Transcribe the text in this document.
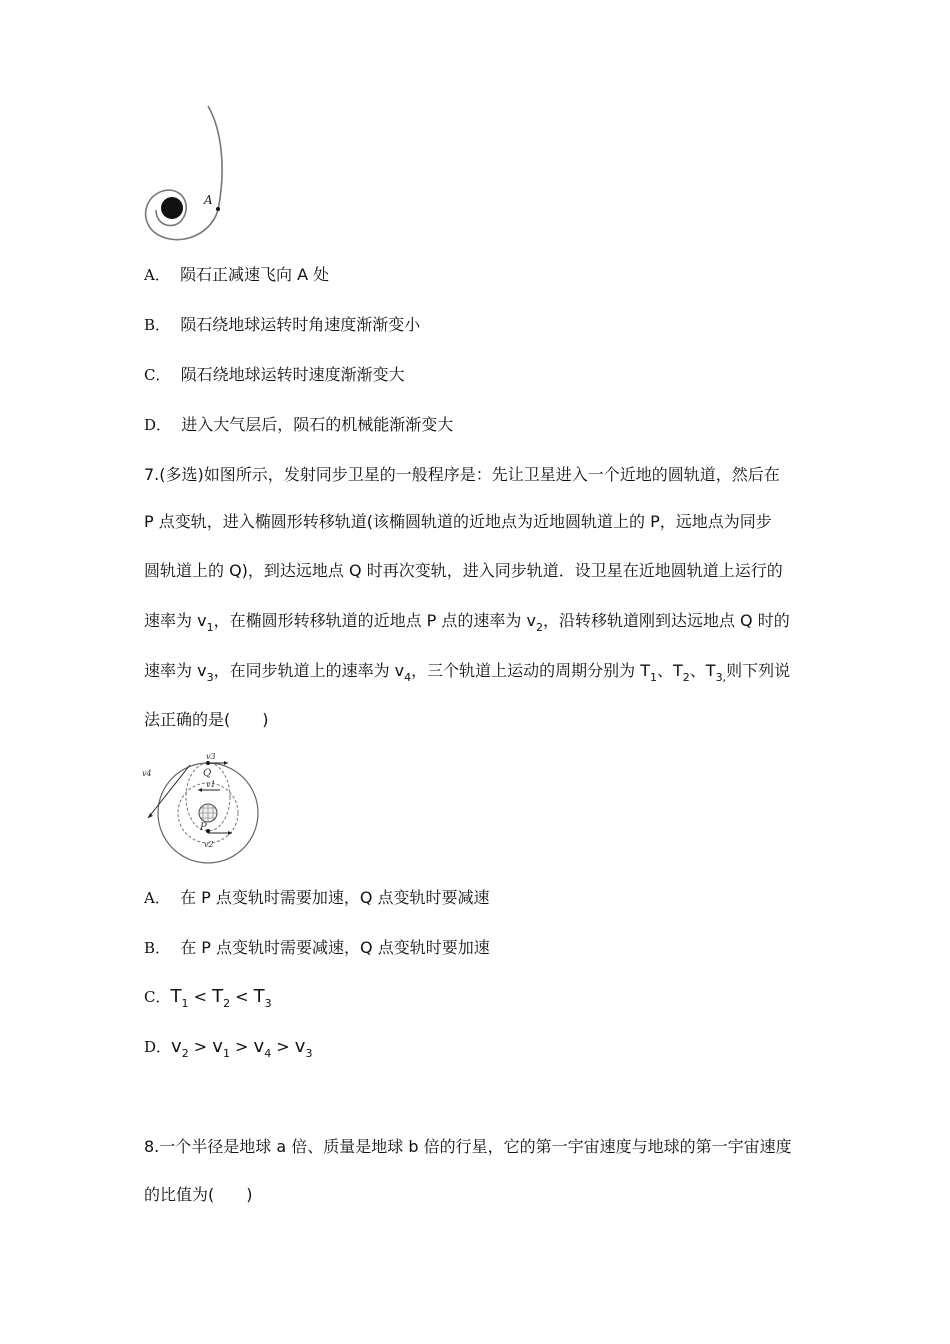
A
A． 陨石正减速飞向 A 处
B． 陨石绕地球运转时角速度渐渐变小
C． 陨石绕地球运转时速度渐渐变大
D． 进入大气层后，陨石的机械能渐渐变大
7.(多选)如图所示，发射同步卫星的一般程序是：先让卫星进入一个近地的圆轨道，然后在
P 点变轨，进入椭圆形转移轨道(该椭圆轨道的近地点为近地圆轨道上的 P，远地点为同步
圆轨道上的 Q)，到达远地点 Q 时再次变轨，进入同步轨道．设卫星在近地圆轨道上运行的
速率为 $v_1$，在椭圆形转移轨道的近地点 P 点的速率为 $v_2$，沿转移轨道刚到达远地点 Q 时的
速率为 $v_3$，在同步轨道上的速率为 $v_4$，三个轨道上运动的周期分别为 $T_1$、$T_2$、$T_{3,}$则下列说
法正确的是(　　)
v3
Q
v1
v4
P
v2
A． 在 P 点变轨时需要加速，Q 点变轨时要减速
B． 在 P 点变轨时需要减速，Q 点变轨时要加速
C．$T_1 < T_2 < T_3$
D．$v_2 > v_1 > v_4 > v_3$
8.一个半径是地球 a 倍、质量是地球 b 倍的行星，它的第一宇宙速度与地球的第一宇宙速度
的比值为(　　)
